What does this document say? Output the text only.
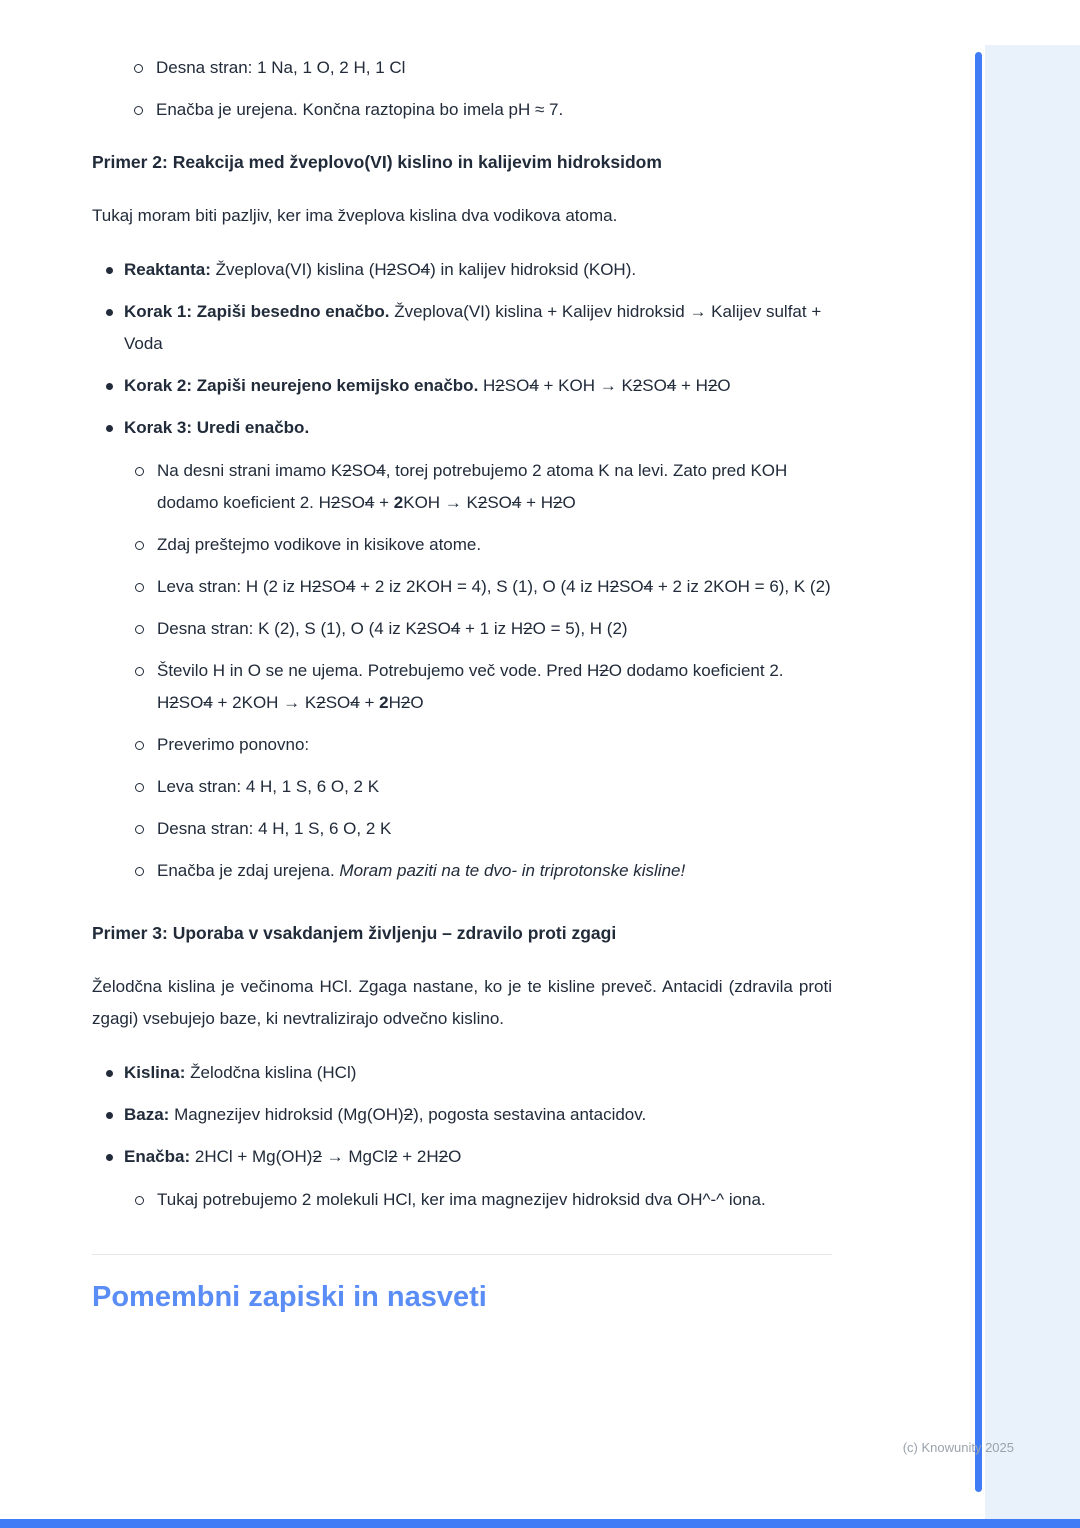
Desna stran: 1 Na, 1 O, 2 H, 1 Cl
Enačba je urejena. Končna raztopina bo imela pH ≈ 7.
Primer 2: Reakcija med žveplovo(VI) kislino in kalijevim hidroksidom

Tukaj moram biti pazljiv, ker ima žveplova kislina dva vodikova atoma.

Reaktanta: Žveplova(VI) kislina (H2SO4) in kalijev hidroksid (KOH).
Korak 1: Zapiši besedno enačbo. Žveplova(VI) kislina + Kalijev hidroksid → Kalijev sulfat + Voda
Korak 2: Zapiši neurejeno kemijsko enačbo. H2SO4 + KOH → K2SO4 + H2O
Korak 3: Uredi enačbo.
Na desni strani imamo K2SO4, torej potrebujemo 2 atoma K na levi. Zato pred KOH dodamo koeficient 2. H2SO4 + 2KOH → K2SO4 + H2O
Zdaj preštejmo vodikove in kisikove atome.
Leva stran: H (2 iz H2SO4 + 2 iz 2KOH = 4), S (1), O (4 iz H2SO4 + 2 iz 2KOH = 6), K (2)
Desna stran: K (2), S (1), O (4 iz K2SO4 + 1 iz H2O = 5), H (2)
Število H in O se ne ujema. Potrebujemo več vode. Pred H2O dodamo koeficient 2. H2SO4 + 2KOH → K2SO4 + 2H2O
Preverimo ponovno:
Leva stran: 4 H, 1 S, 6 O, 2 K
Desna stran: 4 H, 1 S, 6 O, 2 K
Enačba je zdaj urejena. Moram paziti na te dvo- in triprotonske kisline!
Primer 3: Uporaba v vsakdanjem življenju – zdravilo proti zgagi

Želodčna kislina je večinoma HCl. Zgaga nastane, ko je te kisline preveč. Antacidi (zdravila proti zgagi) vsebujejo baze, ki nevtralizirajo odvečno kislino.

Kislina: Želodčna kislina (HCl)
Baza: Magnezijev hidroksid (Mg(OH)2), pogosta sestavina antacidov.
Enačba: 2HCl + Mg(OH)2 → MgCl2 + 2H2O
Tukaj potrebujemo 2 molekuli HCl, ker ima magnezijev hidroksid dva OH^-^ iona.
Pomembni zapiski in nasveti
(c) Knowunity 2025
